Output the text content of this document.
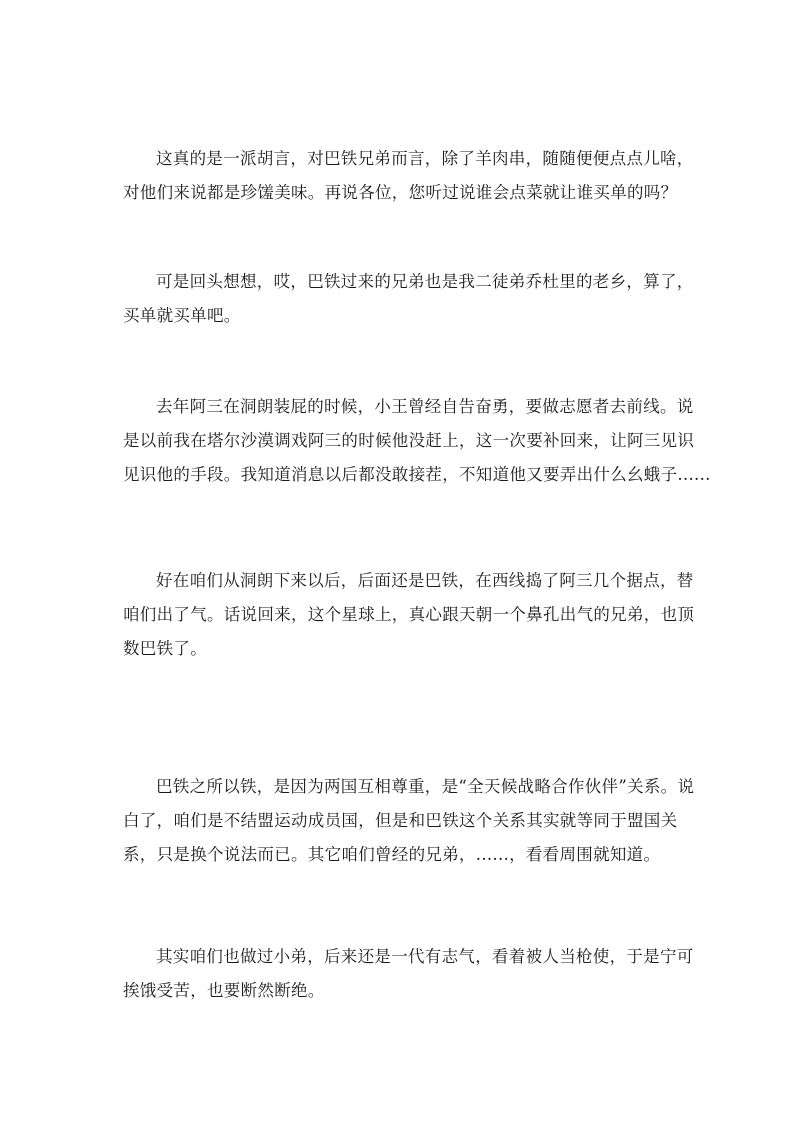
这真的是一派胡言，对巴铁兄弟而言，除了羊肉串，随随便便点点儿啥，
对他们来说都是珍馐美味。再说各位，您听过说谁会点菜就让谁买单的吗？

可是回头想想，哎，巴铁过来的兄弟也是我二徒弟乔杜里的老乡，算了，
买单就买单吧。

去年阿三在洞朗装屁的时候，小王曾经自告奋勇，要做志愿者去前线。说
是以前我在塔尔沙漠调戏阿三的时候他没赶上，这一次要补回来，让阿三见识
见识他的手段。我知道消息以后都没敢接茬，不知道他又要弄出什么幺蛾子......

好在咱们从洞朗下来以后，后面还是巴铁，在西线捣了阿三几个据点，替
咱们出了气。话说回来，这个星球上，真心跟天朝一个鼻孔出气的兄弟，也顶
数巴铁了。

巴铁之所以铁，是因为两国互相尊重，是“全天候战略合作伙伴”关系。说
白了，咱们是不结盟运动成员国，但是和巴铁这个关系其实就等同于盟国关
系，只是换个说法而已。其它咱们曾经的兄弟，......，看看周围就知道。

其实咱们也做过小弟，后来还是一代有志气，看着被人当枪使，于是宁可
挨饿受苦，也要断然断绝。
